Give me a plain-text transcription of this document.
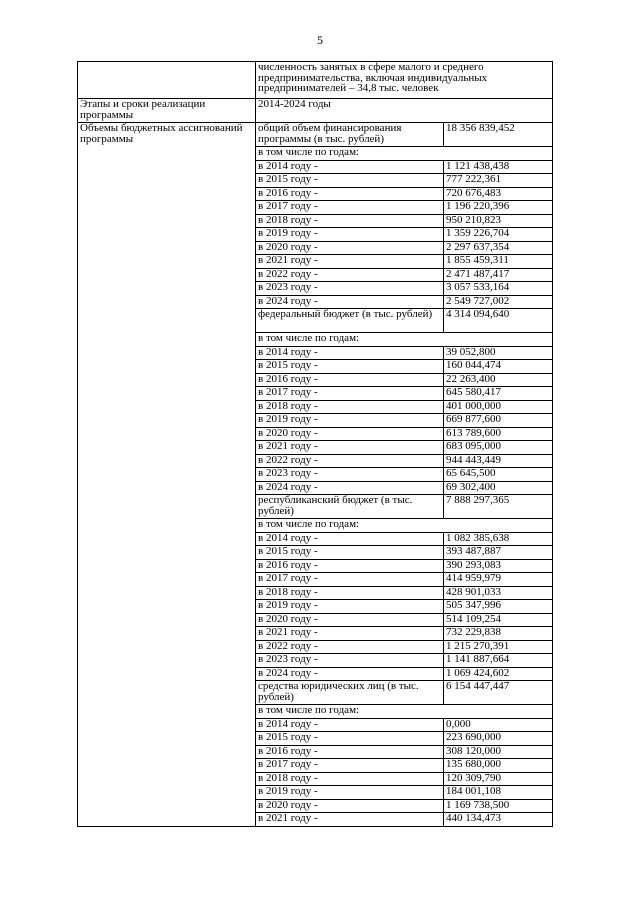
5
	численность занятых в сфере малого и среднего предпринимательства, включая индивидуальных предпринимателей – 34,8 тыс. человек	
Этапы и сроки реализации программы	2014-2024 годы	
Объемы бюджетных ассигнований программы	общий объем финансирования программы (в тыс. рублей)	18 356 839,452
	в том числе по годам:	
	в 2014 году -	1 121 438,438
	в 2015 году -	777 222,361
	в 2016 году -	720 676,483
	в 2017 году -	1 196 220,396
	в 2018 году -	950 210,823
	в 2019 году -	1 359 226,704
	в 2020 году -	2 297 637,354
	в 2021 году -	1 855 459,311
	в 2022 году -	2 471 487,417
	в 2023 году -	3 057 533,164
	в 2024 году -	2 549 727,002
	федеральный бюджет (в тыс. рублей)	4 314 094,640
	в том числе по годам:	
	в 2014 году -	39 052,800
	в 2015 году -	160 044,474
	в 2016 году -	22 263,400
	в 2017 году -	645 580,417
	в 2018 году -	401 000,000
	в 2019 году -	669 877,600
	в 2020 году -	613 789,600
	в 2021 году -	683 095,000
	в 2022 году -	944 443,449
	в 2023 году -	65 645,500
	в 2024 году -	69 302,400
	республиканский бюджет (в тыс. рублей)	7 888 297,365
	в том числе по годам:	
	в 2014 году -	1 082 385,638
	в 2015 году -	393 487,887
	в 2016 году -	390 293,083
	в 2017 году -	414 959,979
	в 2018 году -	428 901,033
	в 2019 году -	505 347,996
	в 2020 году -	514 109,254
	в 2021 году -	732 229,838
	в 2022 году -	1 215 270,391
	в 2023 году -	1 141 887,664
	в 2024 году -	1 069 424,602
	средства юридических лиц (в тыс. рублей)	6 154 447,447
	в том числе по годам:	
	в 2014 году -	0,000
	в 2015 году -	223 690,000
	в 2016 году -	308 120,000
	в 2017 году -	135 680,000
	в 2018 году -	120 309,790
	в 2019 году -	184 001,108
	в 2020 году -	1 169 738,500
	в 2021 году -	440 134,473
